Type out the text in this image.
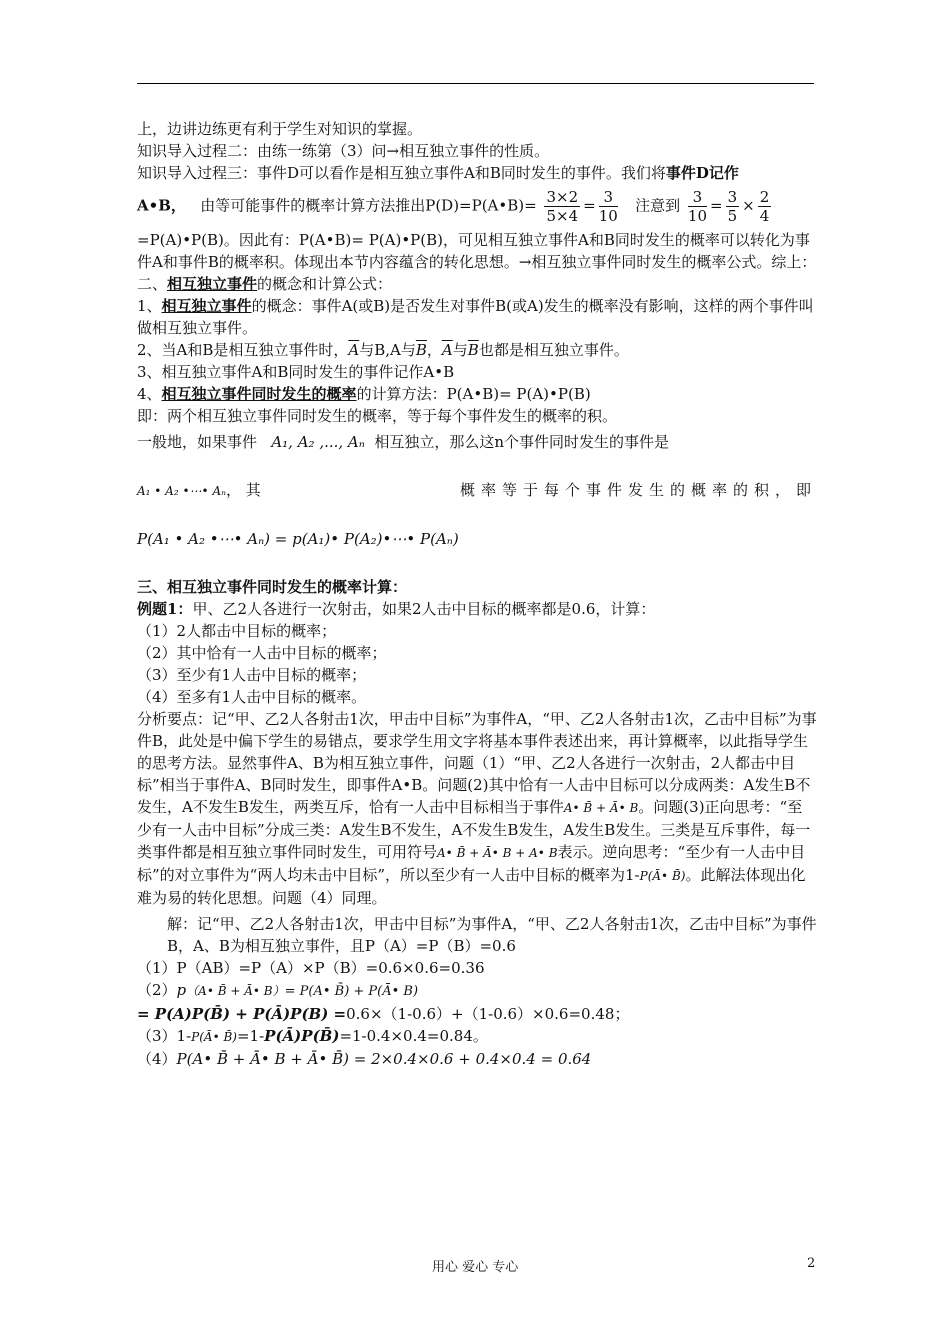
上，边讲边练更有利于学生对知识的掌握。

知识导入过程二：由练一练第（3）问→相互独立事件的性质。

知识导入过程三：事件D可以看作是相互独立事件A和B同时发生的事件。我们将事件D记作

A•B， 由等可能事件的概率计算方法推出P(D)=P(A•B)= $\frac{3\times 2}{5\times 4} = \frac{3}{10}$ 注意到 $\frac{3}{10} = \frac{3}{5} \times \frac{2}{4}$

=P(A)•P(B)。因此有：P(A•B)= P(A)•P(B)，可见相互独立事件A和B同时发生的概率可以转化为事件A和事件B的概率积。体现出本节内容蕴含的转化思想。→相互独立事件同时发生的概率公式。综上：

二、相互独立事件的概念和计算公式：

1、相互独立事件的概念：事件A(或B)是否发生对事件B(或A)发生的概率没有影响，这样的两个事件叫做相互独立事件。

2、当A和B是相互独立事件时，$\overline{A}$与B,A与$\overline{B}$，$\overline{A}$与$\overline{B}$也都是相互独立事件。

3、相互独立事件A和B同时发生的事件记作A•B

4、相互独立事件同时发生的概率的计算方法：P(A•B)= P(A)•P(B)

即：两个相互独立事件同时发生的概率，等于每个事件发生的概率的积。

一般地，如果事件 A₁, A₂ ,..., Aₙ 相互独立，那么这n个事件同时发生的事件是

A₁ • A₂ •⋯• Aₙ， 其	概率等于每个事件发生的概率的积，即

P(A₁ • A₂ •⋯• Aₙ) = p(A₁)• P(A₂)•⋯• P(Aₙ)

三、相互独立事件同时发生的概率计算：

例题1：甲、乙2人各进行一次射击，如果2人击中目标的概率都是0.6，计算：

（1）2人都击中目标的概率；

（2）其中恰有一人击中目标的概率；

（3）至少有1人击中目标的概率；

（4）至多有1人击中目标的概率。

分析要点：记“甲、乙2人各射击1次，甲击中目标”为事件A，“甲、乙2人各射击1次，乙击中目标”为事件B，此处是中偏下学生的易错点，要求学生用文字将基本事件表述出来，再计算概率，以此指导学生的思考方法。显然事件A、B为相互独立事件，问题（1）“甲、乙2人各进行一次射击，2人都击中目标”相当于事件A、B同时发生，即事件A•B。问题(2)其中恰有一人击中目标可以分成两类：A发生B不发生，A不发生B发生，两类互斥，恰有一人击中目标相当于事件A• B̄ + Ā• B。问题(3)正向思考：“至少有一人击中目标”分成三类：A发生B不发生，A不发生B发生，A发生B发生。三类是互斥事件，每一类事件都是相互独立事件同时发生，可用符号A• B̄ + Ā• B + A• B表示。逆向思考：“至少有一人击中目标”的对立事件为“两人均未击中目标”，所以至少有一人击中目标的概率为1-P(Ā• B̄)。此解法体现出化难为易的转化思想。问题（4）同理。

解：记“甲、乙2人各射击1次，甲击中目标”为事件A，“甲、乙2人各射击1次，乙击中目标”为事件B，A、B为相互独立事件，且P（A）=P（B）=0.6

（1）P（AB）=P（A）×P（B）=0.6×0.6=0.36

（2）p（A• B̄ + Ā• B）= P(A• B̄) + P(Ā• B)

= P(A)P(B̄) + P(Ā)P(B) =0.6×（1-0.6）+（1-0.6）×0.6=0.48；

（3）1-P(Ā• B̄)=1-P(Ā)P(B̄)=1-0.4×0.4=0.84。

（4）P(A• B̄ + Ā• B + Ā• B̄) = 2×0.4×0.6 + 0.4×0.4 = 0.64

用心 爱心 专心	2
